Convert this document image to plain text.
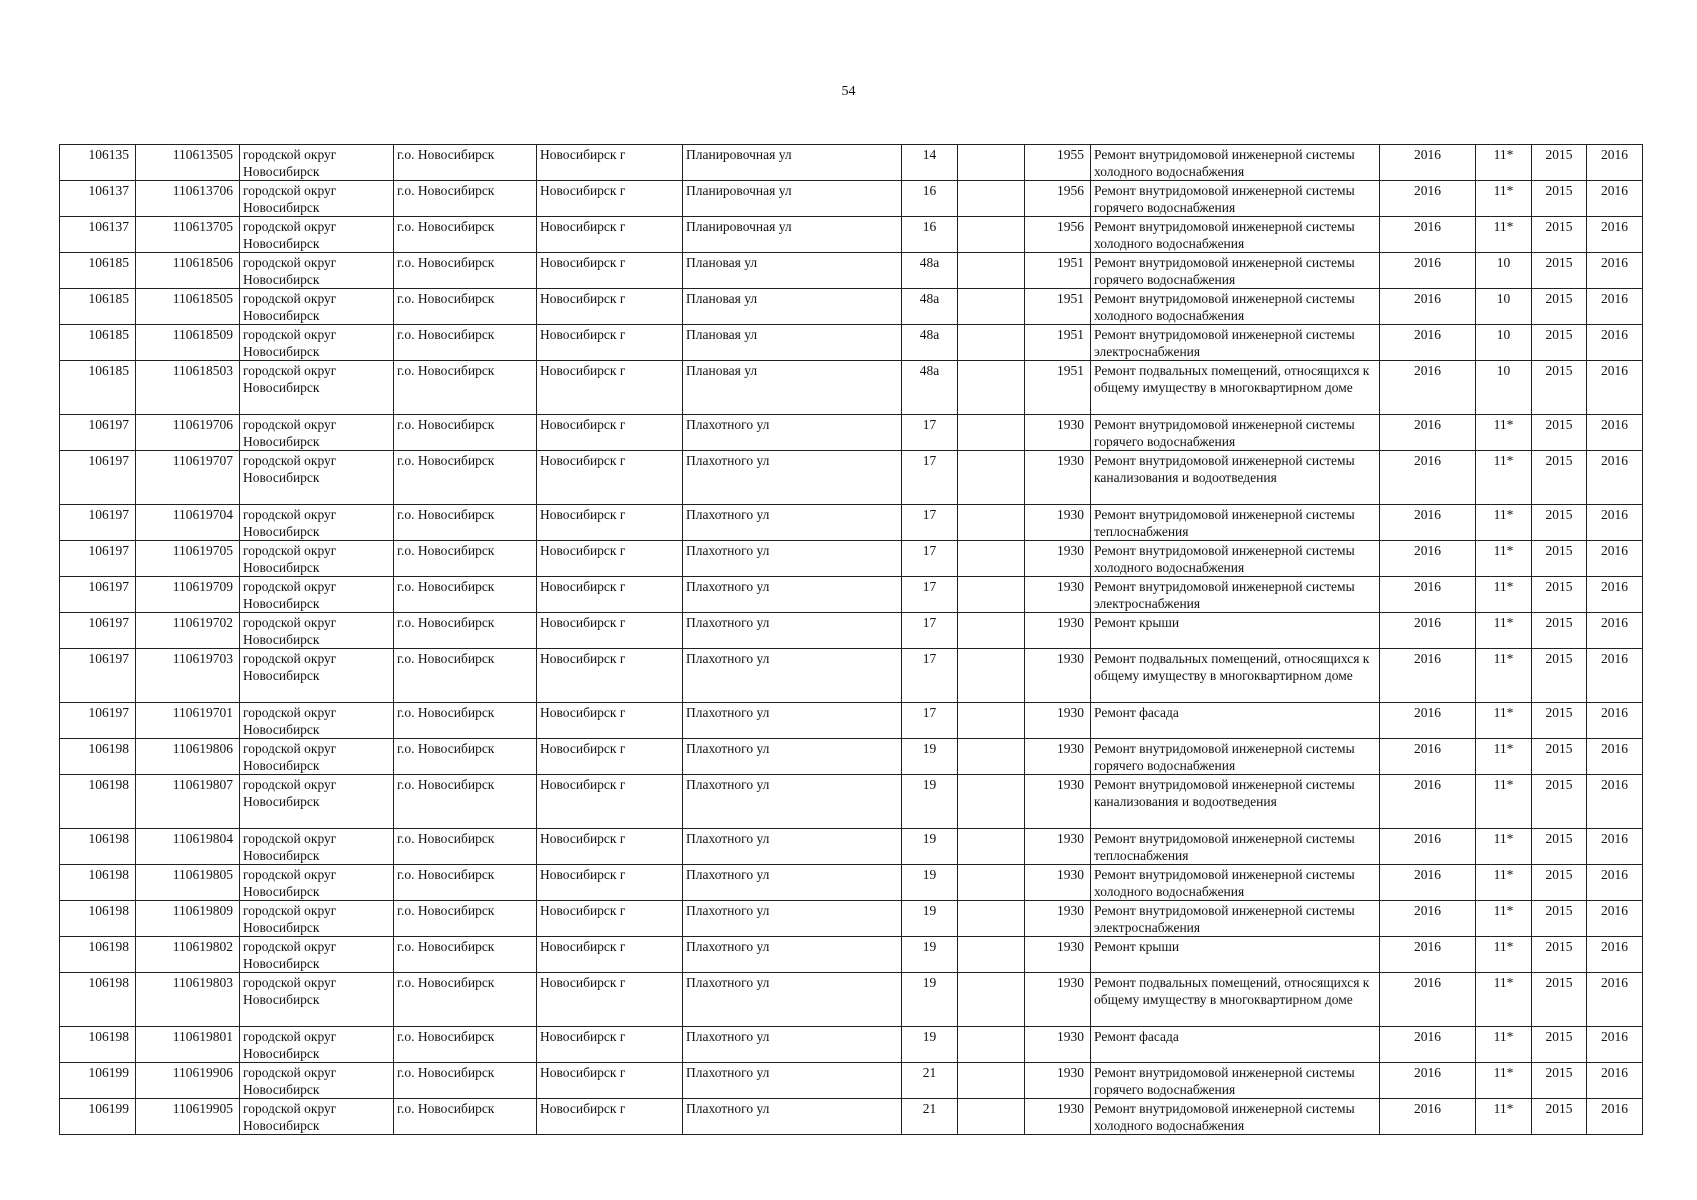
54
106135	110613505	городской округ Новосибирск	г.о. Новосибирск	Новосибирск г	Планировочная ул	14		1955	Ремонт внутридомовой инженерной системы холодного водоснабжения	2016	11*	2015	2016
106137	110613706	городской округ Новосибирск	г.о. Новосибирск	Новосибирск г	Планировочная ул	16		1956	Ремонт внутридомовой инженерной системы горячего водоснабжения	2016	11*	2015	2016
106137	110613705	городской округ Новосибирск	г.о. Новосибирск	Новосибирск г	Планировочная ул	16		1956	Ремонт внутридомовой инженерной системы холодного водоснабжения	2016	11*	2015	2016
106185	110618506	городской округ Новосибирск	г.о. Новосибирск	Новосибирск г	Плановая ул	48а		1951	Ремонт внутридомовой инженерной системы горячего водоснабжения	2016	10	2015	2016
106185	110618505	городской округ Новосибирск	г.о. Новосибирск	Новосибирск г	Плановая ул	48а		1951	Ремонт внутридомовой инженерной системы холодного водоснабжения	2016	10	2015	2016
106185	110618509	городской округ Новосибирск	г.о. Новосибирск	Новосибирск г	Плановая ул	48а		1951	Ремонт внутридомовой инженерной системы электроснабжения	2016	10	2015	2016
106185	110618503	городской округ Новосибирск	г.о. Новосибирск	Новосибирск г	Плановая ул	48а		1951	Ремонт подвальных помещений, относящихся к общему имуществу в многоквартирном доме	2016	10	2015	2016
106197	110619706	городской округ Новосибирск	г.о. Новосибирск	Новосибирск г	Плахотного ул	17		1930	Ремонт внутридомовой инженерной системы горячего водоснабжения	2016	11*	2015	2016
106197	110619707	городской округ Новосибирск	г.о. Новосибирск	Новосибирск г	Плахотного ул	17		1930	Ремонт внутридомовой инженерной системы канализования и водоотведения	2016	11*	2015	2016
106197	110619704	городской округ Новосибирск	г.о. Новосибирск	Новосибирск г	Плахотного ул	17		1930	Ремонт внутридомовой инженерной системы теплоснабжения	2016	11*	2015	2016
106197	110619705	городской округ Новосибирск	г.о. Новосибирск	Новосибирск г	Плахотного ул	17		1930	Ремонт внутридомовой инженерной системы холодного водоснабжения	2016	11*	2015	2016
106197	110619709	городской округ Новосибирск	г.о. Новосибирск	Новосибирск г	Плахотного ул	17		1930	Ремонт внутридомовой инженерной системы электроснабжения	2016	11*	2015	2016
106197	110619702	городской округ Новосибирск	г.о. Новосибирск	Новосибирск г	Плахотного ул	17		1930	Ремонт крыши	2016	11*	2015	2016
106197	110619703	городской округ Новосибирск	г.о. Новосибирск	Новосибирск г	Плахотного ул	17		1930	Ремонт подвальных помещений, относящихся к общему имуществу в многоквартирном доме	2016	11*	2015	2016
106197	110619701	городской округ Новосибирск	г.о. Новосибирск	Новосибирск г	Плахотного ул	17		1930	Ремонт фасада	2016	11*	2015	2016
106198	110619806	городской округ Новосибирск	г.о. Новосибирск	Новосибирск г	Плахотного ул	19		1930	Ремонт внутридомовой инженерной системы горячего водоснабжения	2016	11*	2015	2016
106198	110619807	городской округ Новосибирск	г.о. Новосибирск	Новосибирск г	Плахотного ул	19		1930	Ремонт внутридомовой инженерной системы канализования и водоотведения	2016	11*	2015	2016
106198	110619804	городской округ Новосибирск	г.о. Новосибирск	Новосибирск г	Плахотного ул	19		1930	Ремонт внутридомовой инженерной системы теплоснабжения	2016	11*	2015	2016
106198	110619805	городской округ Новосибирск	г.о. Новосибирск	Новосибирск г	Плахотного ул	19		1930	Ремонт внутридомовой инженерной системы холодного водоснабжения	2016	11*	2015	2016
106198	110619809	городской округ Новосибирск	г.о. Новосибирск	Новосибирск г	Плахотного ул	19		1930	Ремонт внутридомовой инженерной системы электроснабжения	2016	11*	2015	2016
106198	110619802	городской округ Новосибирск	г.о. Новосибирск	Новосибирск г	Плахотного ул	19		1930	Ремонт крыши	2016	11*	2015	2016
106198	110619803	городской округ Новосибирск	г.о. Новосибирск	Новосибирск г	Плахотного ул	19		1930	Ремонт подвальных помещений, относящихся к общему имуществу в многоквартирном доме	2016	11*	2015	2016
106198	110619801	городской округ Новосибирск	г.о. Новосибирск	Новосибирск г	Плахотного ул	19		1930	Ремонт фасада	2016	11*	2015	2016
106199	110619906	городской округ Новосибирск	г.о. Новосибирск	Новосибирск г	Плахотного ул	21		1930	Ремонт внутридомовой инженерной системы горячего водоснабжения	2016	11*	2015	2016
106199	110619905	городской округ Новосибирск	г.о. Новосибирск	Новосибирск г	Плахотного ул	21		1930	Ремонт внутридомовой инженерной системы холодного водоснабжения	2016	11*	2015	2016
